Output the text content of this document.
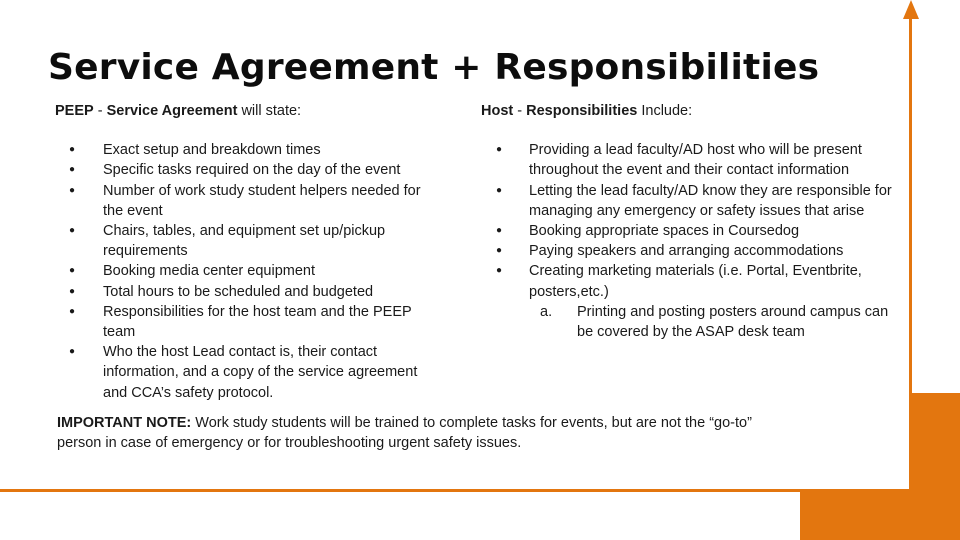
Service Agreement + Responsibilities

PEEP - Service Agreement will state:

● Exact setup and breakdown times
● Specific tasks required on the day of the event
● Number of work study student helpers needed for the event
● Chairs, tables, and equipment set up/pickup requirements
● Booking media center equipment
● Total hours to be scheduled and budgeted
● Responsibilities for the host team and the PEEP team
● Who the host Lead contact is, their contact information, and a copy of the service agreement and CCA’s safety protocol.

Host - Responsibilities Include:

● Providing a lead faculty/AD host who will be present throughout the event and their contact information
● Letting the lead faculty/AD know they are responsible for managing any emergency or safety issues that arise
● Booking appropriate spaces in Coursedog
● Paying speakers and arranging accommodations
● Creating marketing materials (i.e. Portal, Eventbrite, posters,etc.)
a. Printing and posting posters around campus can be covered by the ASAP desk team

IMPORTANT NOTE: Work study students will be trained to complete tasks for events, but are not the “go-to” person in case of emergency or for troubleshooting urgent safety issues.
